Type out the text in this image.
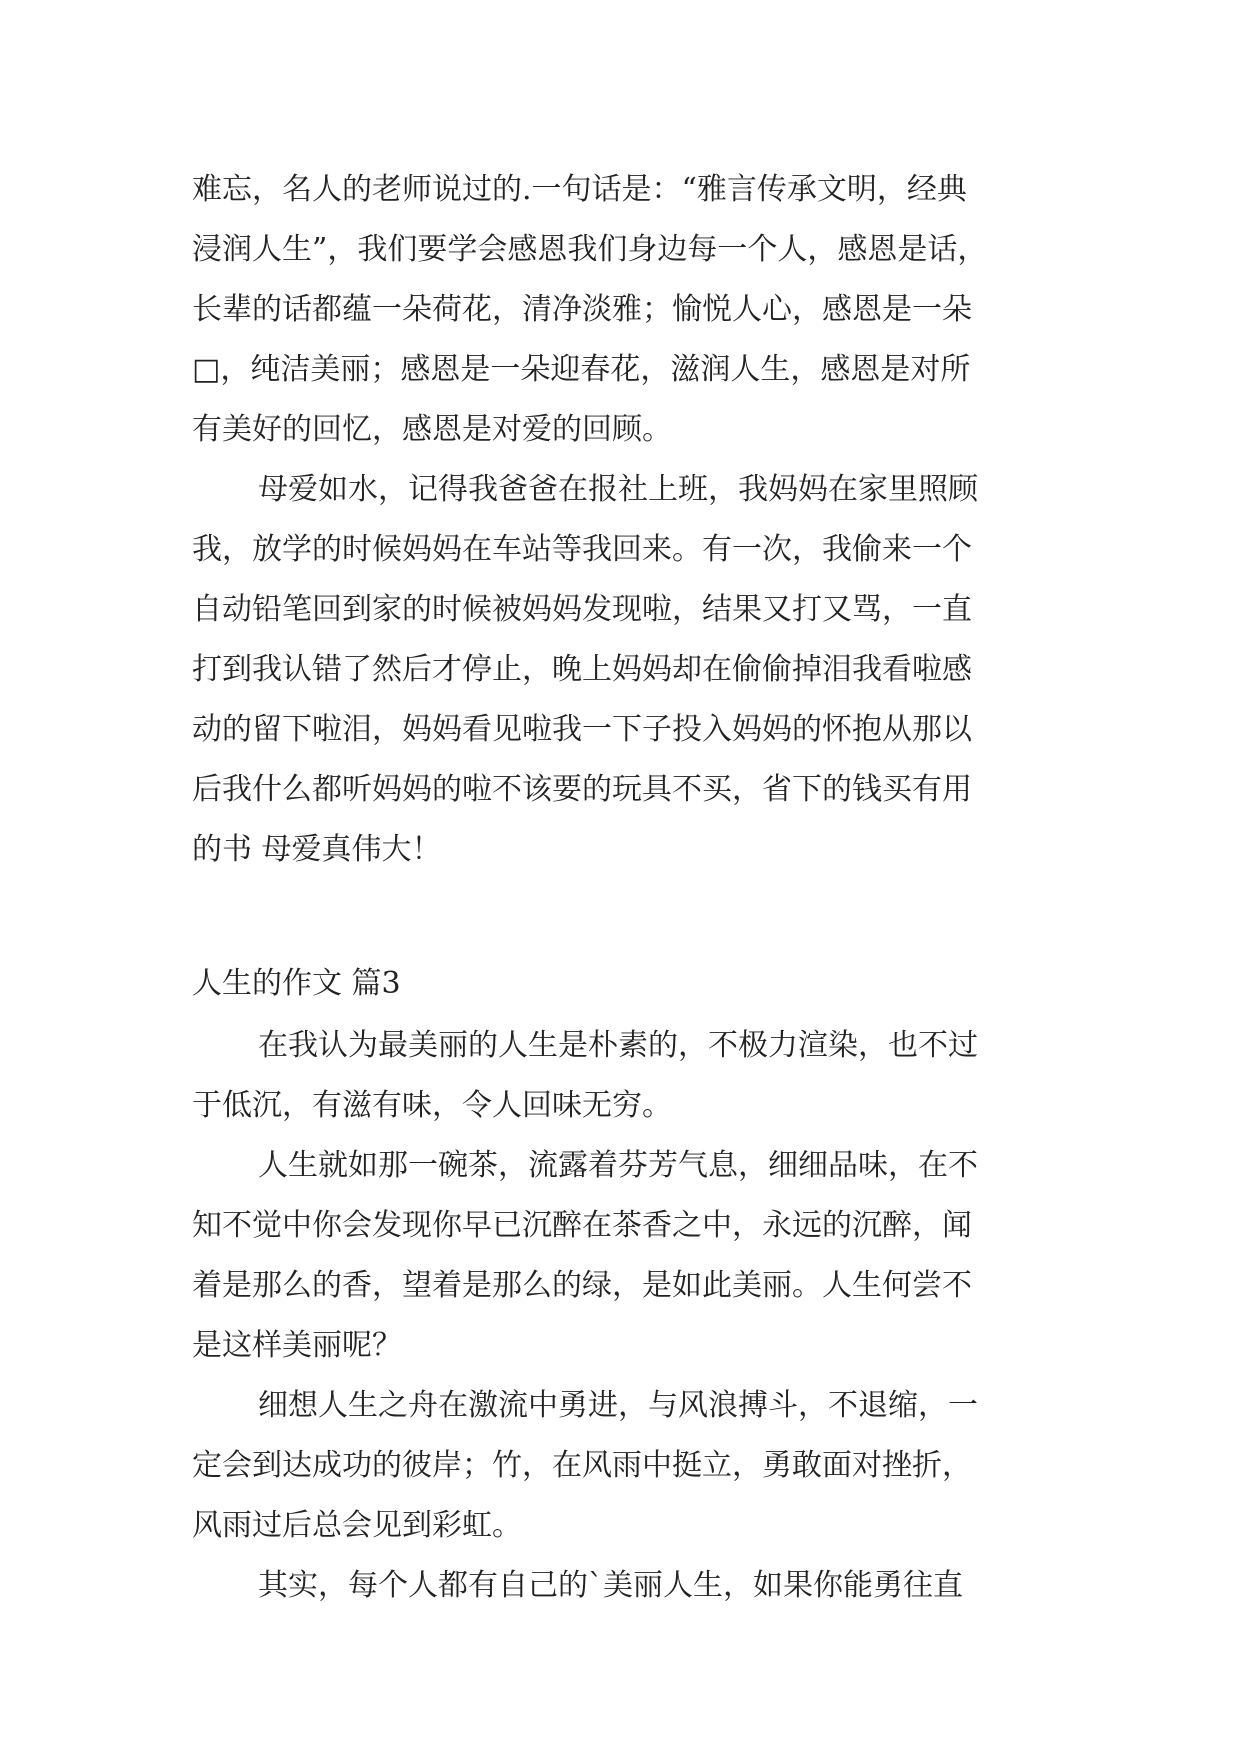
难忘，名人的老师说过的.一句话是：“雅言传承文明，经典
浸润人生”，我们要学会感恩我们身边每一个人，感恩是话，
长辈的话都蕴一朵荷花，清净淡雅；愉悦人心，感恩是一朵
□，纯洁美丽；感恩是一朵迎春花，滋润人生，感恩是对所
有美好的回忆，感恩是对爱的回顾。
母爱如水，记得我爸爸在报社上班，我妈妈在家里照顾
我，放学的时候妈妈在车站等我回来。有一次，我偷来一个
自动铅笔回到家的时候被妈妈发现啦，结果又打又骂，一直
打到我认错了然后才停止，晚上妈妈却在偷偷掉泪我看啦感
动的留下啦泪，妈妈看见啦我一下子投入妈妈的怀抱从那以
后我什么都听妈妈的啦不该要的玩具不买，省下的钱买有用
的书 母爱真伟大！
人生的作文 篇3
在我认为最美丽的人生是朴素的，不极力渲染，也不过
于低沉，有滋有味，令人回味无穷。
人生就如那一碗茶，流露着芬芳气息，细细品味，在不
知不觉中你会发现你早已沉醉在茶香之中，永远的沉醉，闻
着是那么的香，望着是那么的绿，是如此美丽。人生何尝不
是这样美丽呢？
细想人生之舟在激流中勇进，与风浪搏斗，不退缩，一
定会到达成功的彼岸；竹，在风雨中挺立，勇敢面对挫折，
风雨过后总会见到彩虹。
其实，每个人都有自己的`美丽人生，如果你能勇往直
